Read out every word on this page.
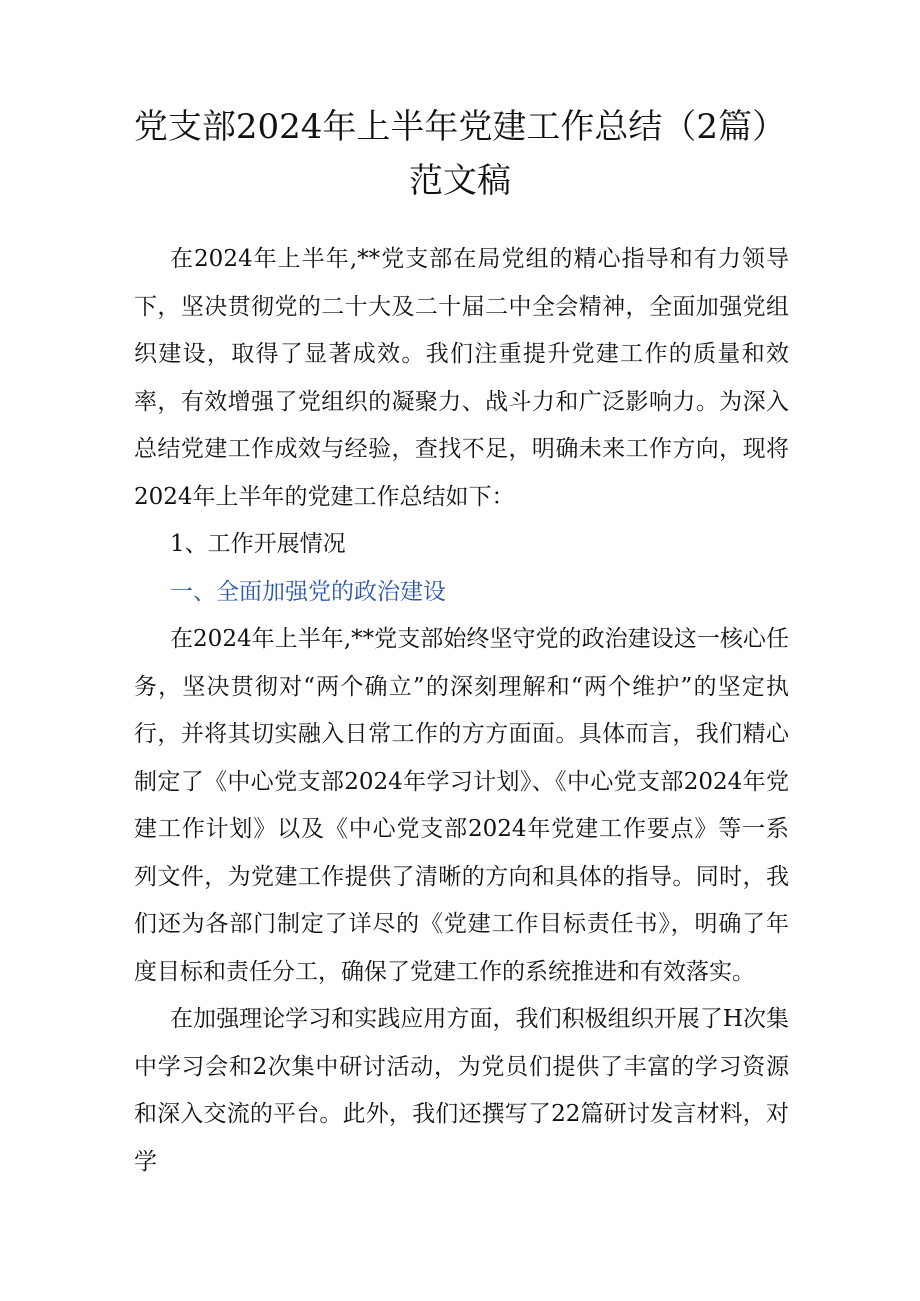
党支部2024年上半年党建工作总结（2篇）
范文稿

在2024年上半年,**党支部在局党组的精心指导和有力领导下，坚决贯彻党的二十大及二十届二中全会精神，全面加强党组织建设，取得了显著成效。我们注重提升党建工作的质量和效率，有效增强了党组织的凝聚力、战斗力和广泛影响力。为深入总结党建工作成效与经验，查找不足，明确未来工作方向，现将2024年上半年的党建工作总结如下：

1、工作开展情况

一、全面加强党的政治建设

在2024年上半年,**党支部始终坚守党的政治建设这一核心任务，坚决贯彻对“两个确立”的深刻理解和“两个维护”的坚定执行，并将其切实融入日常工作的方方面面。具体而言，我们精心制定了《中心党支部2024年学习计划》、《中心党支部2024年党建工作计划》以及《中心党支部2024年党建工作要点》等一系列文件，为党建工作提供了清晰的方向和具体的指导。同时，我们还为各部门制定了详尽的《党建工作目标责任书》，明确了年度目标和责任分工，确保了党建工作的系统推进和有效落实。

在加强理论学习和实践应用方面，我们积极组织开展了H次集中学习会和2次集中研讨活动，为党员们提供了丰富的学习资源和深入交流的平台。此外，我们还撰写了22篇研讨发言材料，对学
